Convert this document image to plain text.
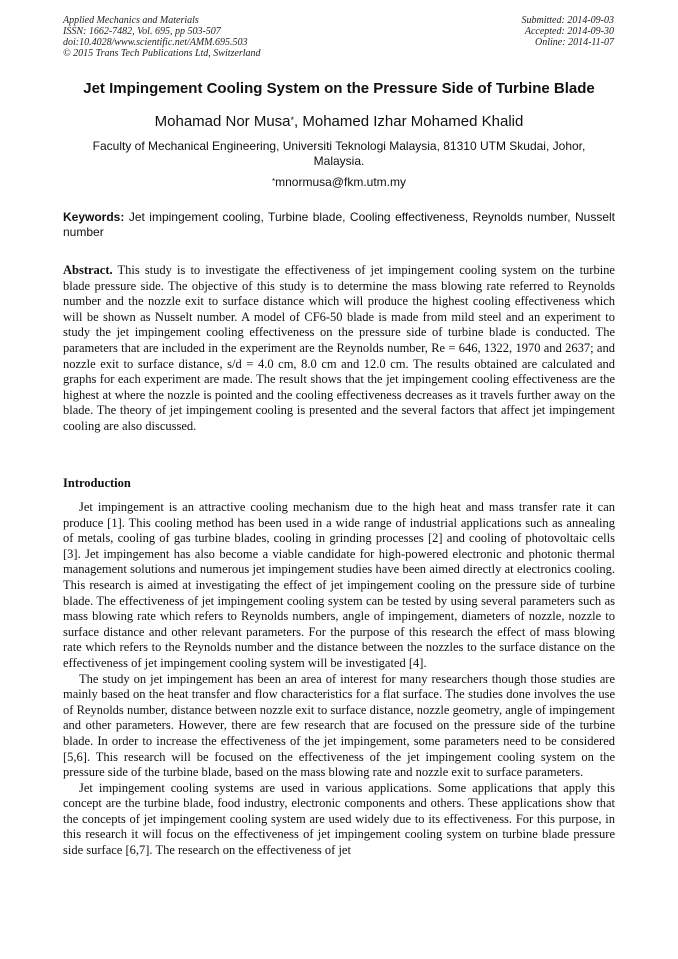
Applied Mechanics and Materials
ISSN: 1662-7482, Vol. 695, pp 503-507
doi:10.4028/www.scientific.net/AMM.695.503
© 2015 Trans Tech Publications Ltd, Switzerland
Submitted: 2014-09-03
Accepted: 2014-09-30
Online: 2014-11-07
Jet Impingement Cooling System on the Pressure Side of Turbine Blade
Mohamad Nor Musa*, Mohamed Izhar Mohamed Khalid
Faculty of Mechanical Engineering, Universiti Teknologi Malaysia, 81310 UTM Skudai, Johor, Malaysia.
*mnormusa@fkm.utm.my
Keywords: Jet impingement cooling, Turbine blade, Cooling effectiveness, Reynolds number, Nusselt number
Abstract. This study is to investigate the effectiveness of jet impingement cooling system on the turbine blade pressure side. The objective of this study is to determine the mass blowing rate referred to Reynolds number and the nozzle exit to surface distance which will produce the highest cooling effectiveness which will be shown as Nusselt number. A model of CF6-50 blade is made from mild steel and an experiment to study the jet impingement cooling effectiveness on the pressure side of turbine blade is conducted. The parameters that are included in the experiment are the Reynolds number, Re = 646, 1322, 1970 and 2637; and nozzle exit to surface distance, s/d = 4.0 cm, 8.0 cm and 12.0 cm. The results obtained are calculated and graphs for each experiment are made. The result shows that the jet impingement cooling effectiveness are the highest at where the nozzle is pointed and the cooling effectiveness decreases as it travels further away on the blade. The theory of jet impingement cooling is presented and the several factors that affect jet impingement cooling are also discussed.
Introduction

Jet impingement is an attractive cooling mechanism due to the high heat and mass transfer rate it can produce [1]. This cooling method has been used in a wide range of industrial applications such as annealing of metals, cooling of gas turbine blades, cooling in grinding processes [2] and cooling of photovoltaic cells [3]. Jet impingement has also become a viable candidate for high-powered electronic and photonic thermal management solutions and numerous jet impingement studies have been aimed directly at electronics cooling. This research is aimed at investigating the effect of jet impingement cooling on the pressure side of turbine blade. The effectiveness of jet impingement cooling system can be tested by using several parameters such as mass blowing rate which refers to Reynolds numbers, angle of impingement, diameters of nozzle, nozzle to surface distance and other relevant parameters. For the purpose of this research the effect of mass blowing rate which refers to the Reynolds number and the distance between the nozzles to the surface distance on the effectiveness of jet impingement cooling system will be investigated [4].

The study on jet impingement has been an area of interest for many researchers though those studies are mainly based on the heat transfer and flow characteristics for a flat surface. The studies done involves the use of Reynolds number, distance between nozzle exit to surface distance, nozzle geometry, angle of impingement and other parameters. However, there are few research that are focused on the pressure side of the turbine blade. In order to increase the effectiveness of the jet impingement, some parameters need to be considered [5,6]. This research will be focused on the effectiveness of the jet impingement cooling system on the pressure side of the turbine blade, based on the mass blowing rate and nozzle exit to surface parameters.

Jet impingement cooling systems are used in various applications. Some applications that apply this concept are the turbine blade, food industry, electronic components and others. These applications show that the concepts of jet impingement cooling system are used widely due to its effectiveness. For this purpose, in this research it will focus on the effectiveness of jet impingement cooling system on turbine blade pressure side surface [6,7]. The research on the effectiveness of jet
